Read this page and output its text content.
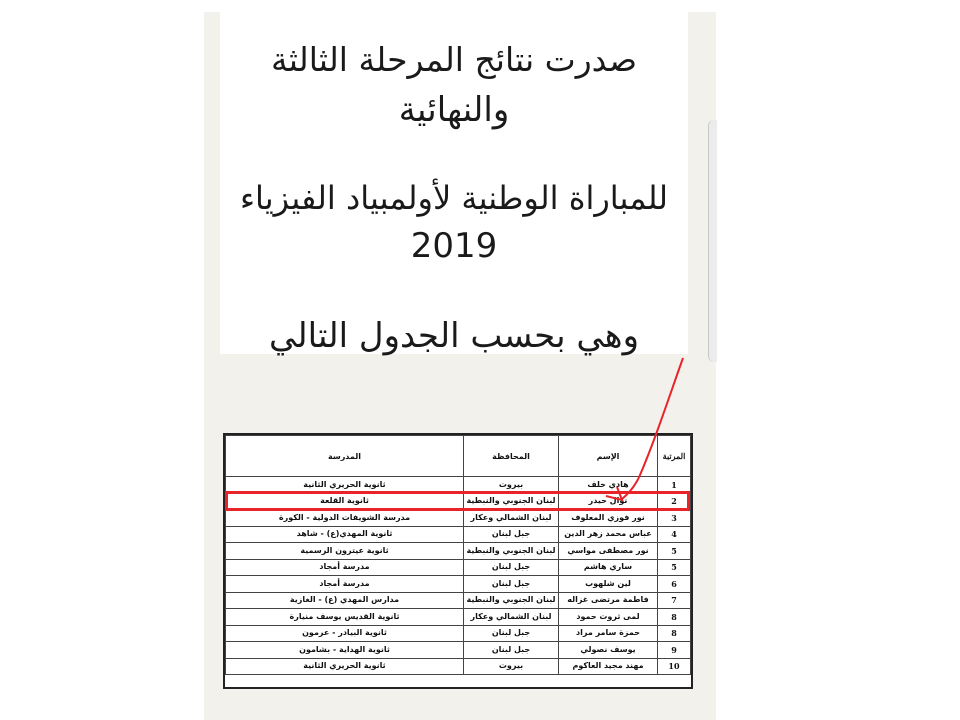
صدرت نتائج المرحلة الثالثة
والنهائية
للمباراة الوطنية لأولمبياد الفيزياء
2019
وهي بحسب الجدول التالي
المرتبة	الإسم	المحافظة	المدرسة
1	هادي خلف	بيروت	ثانوية الحريري الثانية
2	نوال حيدر	لبنان الجنوبي والنبطية	ثانوية القلعة
3	نور فوزي المعلوف	لبنان الشمالي وعكار	مدرسة الشويفات الدولية - الكورة
4	عباس محمد زهر الدين	جبل لبنان	ثانوية المهدي(ع) - شاهد
5	نور مصطفى مواسي	لبنان الجنوبي والنبطية	ثانوية عيترون الرسمية
5	ساري هاشم	جبل لبنان	مدرسة أمجاد
6	لين شلهوب	جبل لبنان	مدرسة أمجاد
7	فاطمة مرتضى غزاله	لبنان الجنوبي والنبطية	مدارس المهدي (ع) - الغازية
8	لمى ثروت حمود	لبنان الشمالي وعكار	ثانوية القديس يوسف منيارة
8	حمزة سامر مراد	جبل لبنان	ثانوية البيادر - عرمون
9	يوسف نصولي	جبل لبنان	ثانوية الهداية - بشامون
10	مهند مجيد العاكوم	بيروت	ثانوية الحريري الثانية
